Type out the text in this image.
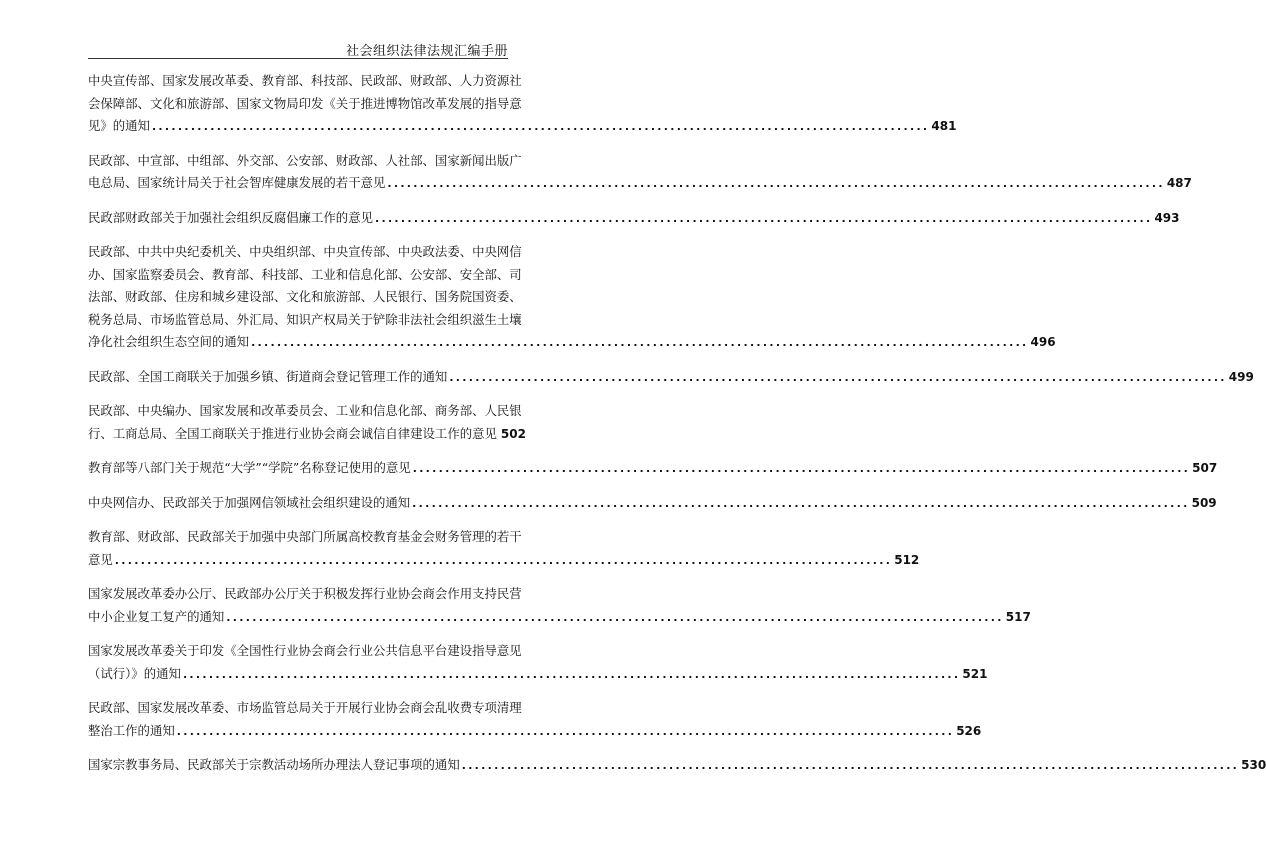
社会组织法律法规汇编手册
中央宣传部、国家发展改革委、教育部、科技部、民政部、财政部、人力资源社
会保障部、文化和旅游部、国家文物局印发《关于推进博物馆改革发展的指导意
见》的通知 ........................................................................................................................ 481
民政部、中宣部、中组部、外交部、公安部、财政部、人社部、国家新闻出版广
电总局、国家统计局关于社会智库健康发展的若干意见 ........................................................................................................................ 487
民政部财政部关于加强社会组织反腐倡廉工作的意见 ........................................................................................................................ 493
民政部、中共中央纪委机关、中央组织部、中央宣传部、中央政法委、中央网信
办、国家监察委员会、教育部、科技部、工业和信息化部、公安部、安全部、司
法部、财政部、住房和城乡建设部、文化和旅游部、人民银行、国务院国资委、
税务总局、市场监管总局、外汇局、知识产权局关于铲除非法社会组织滋生土壤
净化社会组织生态空间的通知 ........................................................................................................................ 496
民政部、全国工商联关于加强乡镇、街道商会登记管理工作的通知 ........................................................................................................................ 499
民政部、中央编办、国家发展和改革委员会、工业和信息化部、商务部、人民银
行、工商总局、全国工商联关于推进行业协会商会诚信自律建设工作的意见 502
教育部等八部门关于规范“大学”“学院”名称登记使用的意见 ........................................................................................................................ 507
中央网信办、民政部关于加强网信领域社会组织建设的通知 ........................................................................................................................ 509
教育部、财政部、民政部关于加强中央部门所属高校教育基金会财务管理的若干
意见 ........................................................................................................................ 512
国家发展改革委办公厅、民政部办公厅关于积极发挥行业协会商会作用支持民营
中小企业复工复产的通知 ........................................................................................................................ 517
国家发展改革委关于印发《全国性行业协会商会行业公共信息平台建设指导意见
（试行）》的通知 ........................................................................................................................ 521
民政部、国家发展改革委、市场监管总局关于开展行业协会商会乱收费专项清理
整治工作的通知 ........................................................................................................................ 526
国家宗教事务局、民政部关于宗教活动场所办理法人登记事项的通知 ........................................................................................................................ 530
